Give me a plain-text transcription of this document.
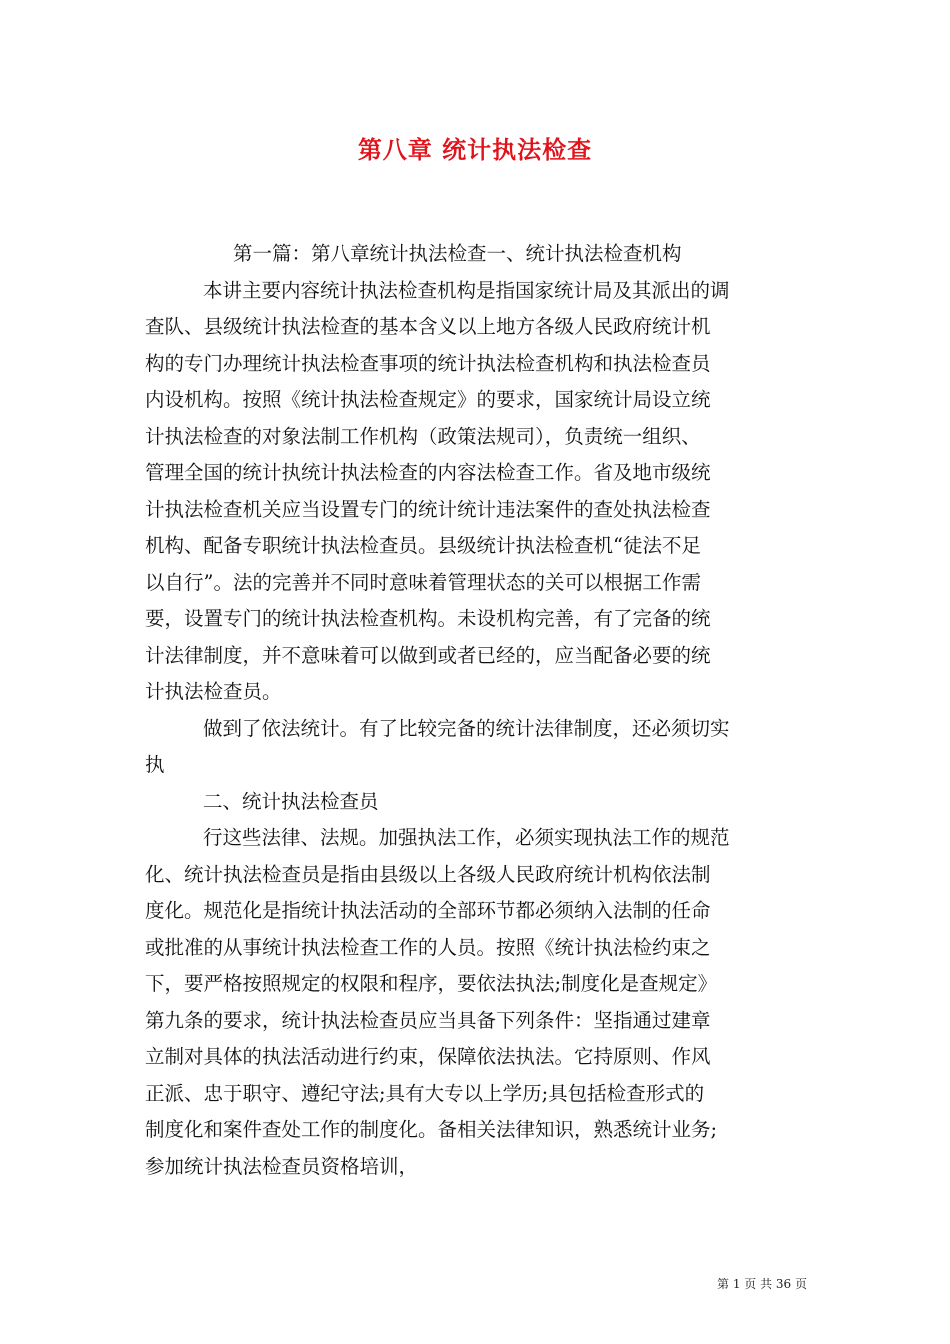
第八章 统计执法检查
第一篇：第八章统计执法检查一、统计执法检查机构
本讲主要内容统计执法检查机构是指国家统计局及其派出的调
查队、县级统计执法检查的基本含义以上地方各级人民政府统计机
构的专门办理统计执法检查事项的统计执法检查机构和执法检查员
内设机构。按照《统计执法检查规定》的要求，国家统计局设立统
计执法检查的对象法制工作机构（政策法规司），负责统一组织、
管理全国的统计执统计执法检查的内容法检查工作。省及地市级统
计执法检查机关应当设置专门的统计统计违法案件的查处执法检查
机构、配备专职统计执法检查员。县级统计执法检查机“徒法不足
以自行”。法的完善并不同时意味着管理状态的关可以根据工作需
要，设置专门的统计执法检查机构。未设机构完善，有了完备的统
计法律制度，并不意味着可以做到或者已经的，应当配备必要的统
计执法检查员。
做到了依法统计。有了比较完备的统计法律制度，还必须切实
执
二、统计执法检查员
行这些法律、法规。加强执法工作，必须实现执法工作的规范
化、统计执法检查员是指由县级以上各级人民政府统计机构依法制
度化。规范化是指统计执法活动的全部环节都必须纳入法制的任命
或批准的从事统计执法检查工作的人员。按照《统计执法检约束之
下，要严格按照规定的权限和程序，要依法执法;制度化是查规定》
第九条的要求，统计执法检查员应当具备下列条件：坚指通过建章
立制对具体的执法活动进行约束，保障依法执法。它持原则、作风
正派、忠于职守、遵纪守法;具有大专以上学历;具包括检查形式的
制度化和案件查处工作的制度化。备相关法律知识，熟悉统计业务;
参加统计执法检查员资格培训，
第 1 页 共 36 页
